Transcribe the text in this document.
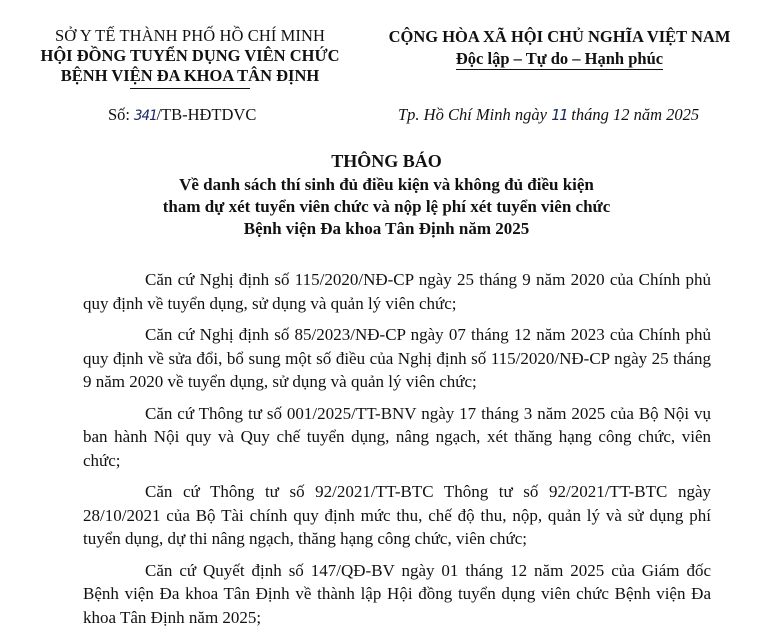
SỞ Y TẾ THÀNH PHỐ HỒ CHÍ MINH
HỘI ĐỒNG TUYỂN DỤNG VIÊN CHỨC
BỆNH VIỆN ĐA KHOA TÂN ĐỊNH
CỘNG HÒA XÃ HỘI CHỦ NGHĨA VIỆT NAM
Độc lập – Tự do – Hạnh phúc
Số: 341/TB-HĐTDVC	Tp. Hồ Chí Minh ngày 11 tháng 12 năm 2025
THÔNG BÁO
Về danh sách thí sinh đủ điều kiện và không đủ điều kiện
tham dự xét tuyển viên chức và nộp lệ phí xét tuyển viên chức
Bệnh viện Đa khoa Tân Định năm 2025

Căn cứ Nghị định số 115/2020/NĐ-CP ngày 25 tháng 9 năm 2020 của Chính phủ quy định về tuyển dụng, sử dụng và quản lý viên chức;

Căn cứ Nghị định số 85/2023/NĐ-CP ngày 07 tháng 12 năm 2023 của Chính phủ quy định về sửa đổi, bổ sung một số điều của Nghị định số 115/2020/NĐ-CP ngày 25 tháng 9 năm 2020 về tuyển dụng, sử dụng và quản lý viên chức;

Căn cứ Thông tư số 001/2025/TT-BNV ngày 17 tháng 3 năm 2025 của Bộ Nội vụ ban hành Nội quy và Quy chế tuyển dụng, nâng ngạch, xét thăng hạng công chức, viên chức;

Căn cứ Thông tư số 92/2021/TT-BTC Thông tư số 92/2021/TT-BTC ngày 28/10/2021 của Bộ Tài chính quy định mức thu, chế độ thu, nộp, quản lý và sử dụng phí tuyển dụng, dự thi nâng ngạch, thăng hạng công chức, viên chức;

Căn cứ Quyết định số 147/QĐ-BV ngày 01 tháng 12 năm 2025 của Giám đốc Bệnh viện Đa khoa Tân Định về thành lập Hội đồng tuyển dụng viên chức Bệnh viện Đa khoa Tân Định năm 2025;
